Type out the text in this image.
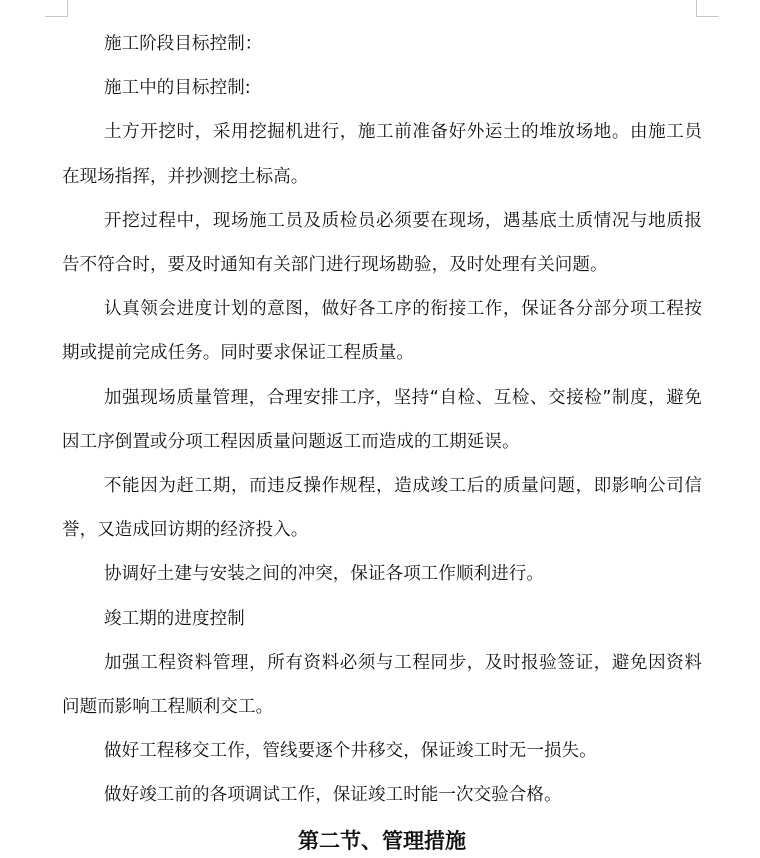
施工阶段目标控制：

施工中的目标控制:

土方开挖时，采用挖掘机进行，施工前准备好外运土的堆放场地。由施工员在现场指挥，并抄测挖土标高。

开挖过程中，现场施工员及质检员必须要在现场，遇基底土质情况与地质报告不符合时，要及时通知有关部门进行现场勘验，及时处理有关问题。

认真领会进度计划的意图，做好各工序的衔接工作，保证各分部分项工程按期或提前完成任务。同时要求保证工程质量。

加强现场质量管理，合理安排工序，坚持“自检、互检、交接检”制度，避免因工序倒置或分项工程因质量问题返工而造成的工期延误。

不能因为赶工期，而违反操作规程，造成竣工后的质量问题，即影响公司信誉，又造成回访期的经济投入。

协调好土建与安装之间的冲突，保证各项工作顺利进行。

竣工期的进度控制

加强工程资料管理，所有资料必须与工程同步，及时报验签证，避免因资料问题而影响工程顺利交工。

做好工程移交工作，管线要逐个井移交，保证竣工时无一损失。

做好竣工前的各项调试工作，保证竣工时能一次交验合格。

第二节、管理措施
